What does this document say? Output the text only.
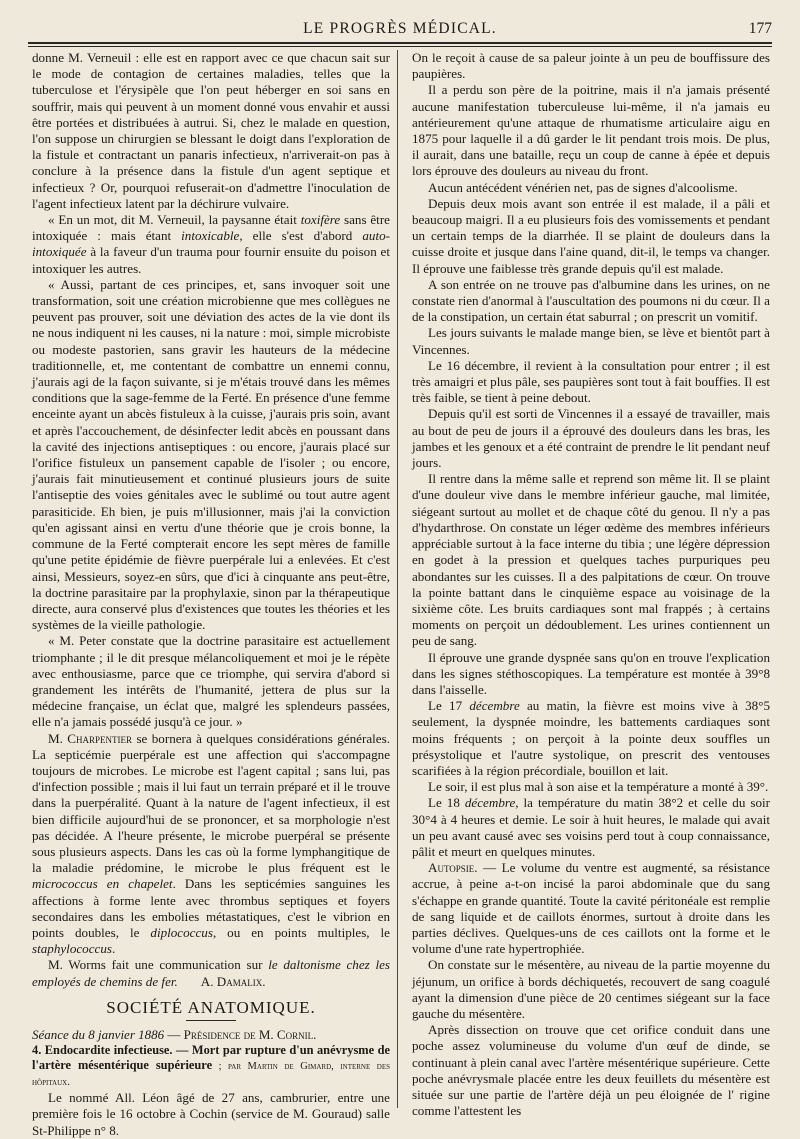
LE PROGRÈS MÉDICAL.	177

donne M. Verneuil : elle est en rapport avec ce que chacun sait sur le mode de contagion de certaines maladies, telles que la tuberculose et l'érysipèle que l'on peut héberger en soi sans en souffrir, mais qui peuvent à un moment donné vous envahir et aussi être portées et distribuées à autrui. Si, chez le malade en question, l'on suppose un chirurgien se blessant le doigt dans l'exploration de la fistule et contractant un panaris infectieux, n'arriverait-on pas à conclure à la présence dans la fistule d'un agent septique et infectieux ? Or, pourquoi refuserait-on d'admettre l'inoculation de l'agent infectieux latent par la déchirure vulvaire.

« En un mot, dit M. Verneuil, la paysanne était toxifère sans être intoxiquée : mais étant intoxicable, elle s'est d'abord auto-intoxiquée à la faveur d'un trauma pour fournir ensuite du poison et intoxiquer les autres.

« Aussi, partant de ces principes, et, sans invoquer soit une transformation, soit une création microbienne que mes collègues ne peuvent pas prouver, soit une déviation des actes de la vie dont ils ne nous indiquent ni les causes, ni la nature : moi, simple microbiste ou modeste pastorien, sans gravir les hauteurs de la médecine traditionnelle, et, me contentant de combattre un ennemi connu, j'aurais agi de la façon suivante, si je m'étais trouvé dans les mêmes conditions que la sage-femme de la Ferté. En présence d'une femme enceinte ayant un abcès fistuleux à la cuisse, j'aurais pris soin, avant et après l'accouchement, de désinfecter ledit abcès en poussant dans la cavité des injections antiseptiques : ou encore, j'aurais placé sur l'orifice fistuleux un pansement capable de l'isoler ; ou encore, j'aurais fait minutieusement et continué plusieurs jours de suite l'antiseptie des voies génitales avec le sublimé ou tout autre agent parasiticide. Eh bien, je puis m'illusionner, mais j'ai la conviction qu'en agissant ainsi en vertu d'une théorie que je crois bonne, la commune de la Ferté compterait encore les sept mères de famille qu'une petite épidémie de fièvre puerpérale lui a enlevées. Et c'est ainsi, Messieurs, soyez-en sûrs, que d'ici à cinquante ans peut-être, la doctrine parasitaire par la prophylaxie, sinon par la thérapeutique directe, aura conservé plus d'existences que toutes les théories et les systèmes de la vieille pathologie.

« M. Peter constate que la doctrine parasitaire est actuellement triomphante ; il le dit presque mélancoliquement et moi je le répète avec enthousiasme, parce que ce triomphe, qui servira d'abord si grandement les intérêts de l'humanité, jettera de plus sur la médecine française, un éclat que, malgré les splendeurs passées, elle n'a jamais possédé jusqu'à ce jour. »

M. Charpentier se bornera à quelques considérations générales. La septicémie puerpérale est une affection qui s'accompagne toujours de microbes. Le microbe est l'agent capital ; sans lui, pas d'infection possible ; mais il lui faut un terrain préparé et il le trouve dans la puerpéralité. Quant à la nature de l'agent infectieux, il est bien difficile aujourd'hui de se prononcer, et sa morphologie n'est pas décidée. A l'heure présente, le microbe puerpéral se présente sous plusieurs aspects. Dans les cas où la forme lymphangitique de la maladie prédomine, le microbe le plus fréquent est le micrococcus en chapelet. Dans les septicémies sanguines les affections à forme lente avec thrombus septiques et foyers secondaires dans les embolies métastatiques, c'est le vibrion en points doubles, le diplococcus, ou en points multiples, le staphylococcus.

M. Worms fait une communication sur le daltonisme chez les employés de chemins de fer. A. Damalix.

SOCIÉTÉ ANATOMIQUE.

Séance du 8 janvier 1886 — Présidence de M. Cornil.

4. Endocardite infectieuse. — Mort par rupture d'un anévrysme de l'artère mésentérique supérieure ; par Martin de Gimard, interne des hôpitaux.

Le nommé All. Léon âgé de 27 ans, cambrurier, entre une première fois le 16 octobre à Cochin (service de M. Gouraud) salle St-Philippe n° 8.

On le reçoit à cause de sa paleur jointe à un peu de bouffissure des paupières.

Il a perdu son père de la poitrine, mais il n'a jamais présenté aucune manifestation tuberculeuse lui-même, il n'a jamais eu antérieurement qu'une attaque de rhumatisme articulaire aigu en 1875 pour laquelle il a dû garder le lit pendant trois mois. De plus, il aurait, dans une bataille, reçu un coup de canne à épée et depuis lors éprouve des douleurs au niveau du front.

Aucun antécédent vénérien net, pas de signes d'alcoolisme.

Depuis deux mois avant son entrée il est malade, il a pâli et beaucoup maigri. Il a eu plusieurs fois des vomissements et pendant un certain temps de la diarrhée. Il se plaint de douleurs dans la cuisse droite et jusque dans l'aine quand, dit-il, le temps va changer. Il éprouve une faiblesse très grande depuis qu'il est malade.

A son entrée on ne trouve pas d'albumine dans les urines, on ne constate rien d'anormal à l'auscultation des poumons ni du cœur. Il a de la constipation, un certain état saburral ; on prescrit un vomitif.

Les jours suivants le malade mange bien, se lève et bientôt part à Vincennes.

Le 16 décembre, il revient à la consultation pour entrer ; il est très amaigri et plus pâle, ses paupières sont tout à fait bouffies. Il est très faible, se tient à peine debout.

Depuis qu'il est sorti de Vincennes il a essayé de travailler, mais au bout de peu de jours il a éprouvé des douleurs dans les bras, les jambes et les genoux et a été contraint de prendre le lit pendant neuf jours.

Il rentre dans la même salle et reprend son même lit. Il se plaint d'une douleur vive dans le membre inférieur gauche, mal limitée, siégeant surtout au mollet et de chaque côté du genou. Il n'y a pas d'hydarthrose. On constate un léger œdème des membres inférieurs appréciable surtout à la face interne du tibia ; une légère dépression en godet à la pression et quelques taches purpuriques peu abondantes sur les cuisses. Il a des palpitations de cœur. On trouve la pointe battant dans le cinquième espace au voisinage de la sixième côte. Les bruits cardiaques sont mal frappés ; à certains moments on perçoit un dédoublement. Les urines contiennent un peu de sang.

Il éprouve une grande dyspnée sans qu'on en trouve l'explication dans les signes stéthoscopiques. La température est montée à 39°8 dans l'aisselle.

Le 17 décembre au matin, la fièvre est moins vive à 38°5 seulement, la dyspnée moindre, les battements cardiaques sont moins fréquents ; on perçoit à la pointe deux souffles un présystolique et l'autre systolique, on prescrit des ventouses scarifiées à la région précordiale, bouillon et lait.

Le soir, il est plus mal à son aise et la température a monté à 39°.

Le 18 décembre, la température du matin 38°2 et celle du soir 30°4 à 4 heures et demie. Le soir à huit heures, le malade qui avait un peu avant causé avec ses voisins perd tout à coup connaissance, pâlit et meurt en quelques minutes.

Autopsie. — Le volume du ventre est augmenté, sa résistance accrue, à peine a-t-on incisé la paroi abdominale que du sang s'échappe en grande quantité. Toute la cavité péritonéale est remplie de sang liquide et de caillots énormes, surtout à droite dans les parties déclives. Quelques-uns de ces caillots ont la forme et le volume d'une rate hypertrophiée.

On constate sur le mésentère, au niveau de la partie moyenne du jéjunum, un orifice à bords déchiquetés, recouvert de sang coagulé ayant la dimension d'une pièce de 20 centimes siégeant sur la face gauche du mésentère.

Après dissection on trouve que cet orifice conduit dans une poche assez volumineuse du volume d'un œuf de dinde, se continuant à plein canal avec l'artère mésentérique supérieure. Cette poche anévrysmale placée entre les deux feuillets du mésentère est située sur une partie de l'artère déjà un peu éloignée de l' rigine comme l'attestent les
